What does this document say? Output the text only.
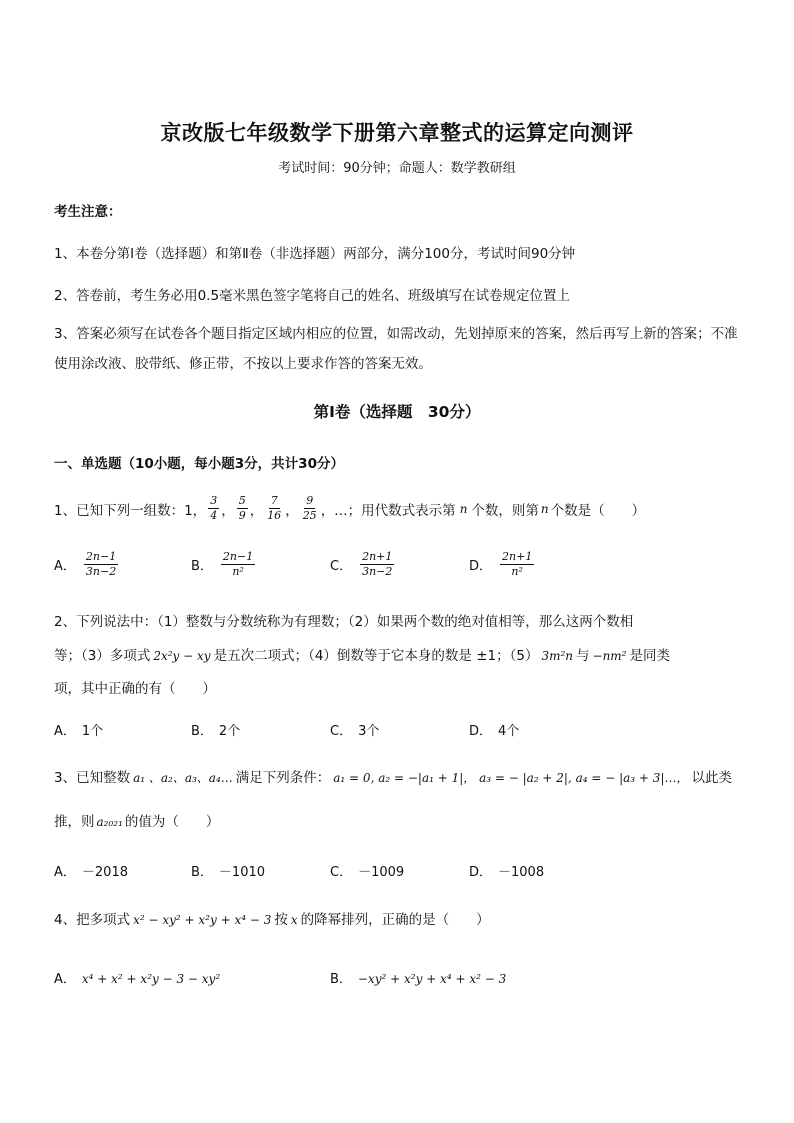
京改版七年级数学下册第六章整式的运算定向测评
考试时间：90分钟；命题人：数学教研组
考生注意：
1、本卷分第Ⅰ卷（选择题）和第Ⅱ卷（非选择题）两部分，满分100分，考试时间90分钟
2、答卷前，考生务必用0.5毫米黑色签字笔将自己的姓名、班级填写在试卷规定位置上
3、答案必须写在试卷各个题目指定区域内相应的位置，如需改动，先划掉原来的答案，然后再写上新的答案；不准使用涂改液、胶带纸、修正带，不按以上要求作答的答案无效。
第Ⅰ卷（选择题　30分）
一、单选题（10小题，每小题3分，共计30分）
1、已知下列一组数：1， $\frac{3}{4}$ ， $\frac{5}{9}$ ， $\frac{7}{16}$ ， $\frac{9}{25}$ ，…；用代数式表示第 n 个数，则第 n 个数是（　　）
A． $\frac{2n-1}{3n-2}$	B． $\frac{2n-1}{\text{n²}}$	C． $\frac{2n+1}{3n-2}$	D． $\frac{2n+1}{\text{n²}}$
2、下列说法中：（1）整数与分数统称为有理数；（2）如果两个数的绝对值相等，那么这两个数相
等；（3）多项式 2x²y − xy 是五次二项式；（4）倒数等于它本身的数是 ±1；（5） 3m²n 与 −nm² 是同类
项，其中正确的有（　　）
A． 1个	B． 2个	C． 3个	D． 4个
3、已知整数 a₁ 、a₂、a₃、a₄… 满足下列条件： a₁ = 0, a₂ = −|a₁ + 1|， a₃ = − |a₂ + 2|, a₄ = − |a₃ + 3|…， 以此类
推，则 a₂₀₂₁ 的值为（　　）
A． －2018	B． －1010	C． －1009	D． －1008
4、把多项式 x² − xy² + x²y + x⁴ − 3 按 x 的降幂排列，正确的是（　　）
A． x⁴ + x² + x²y − 3 − xy²	B． −xy² + x²y + x⁴ + x² − 3
